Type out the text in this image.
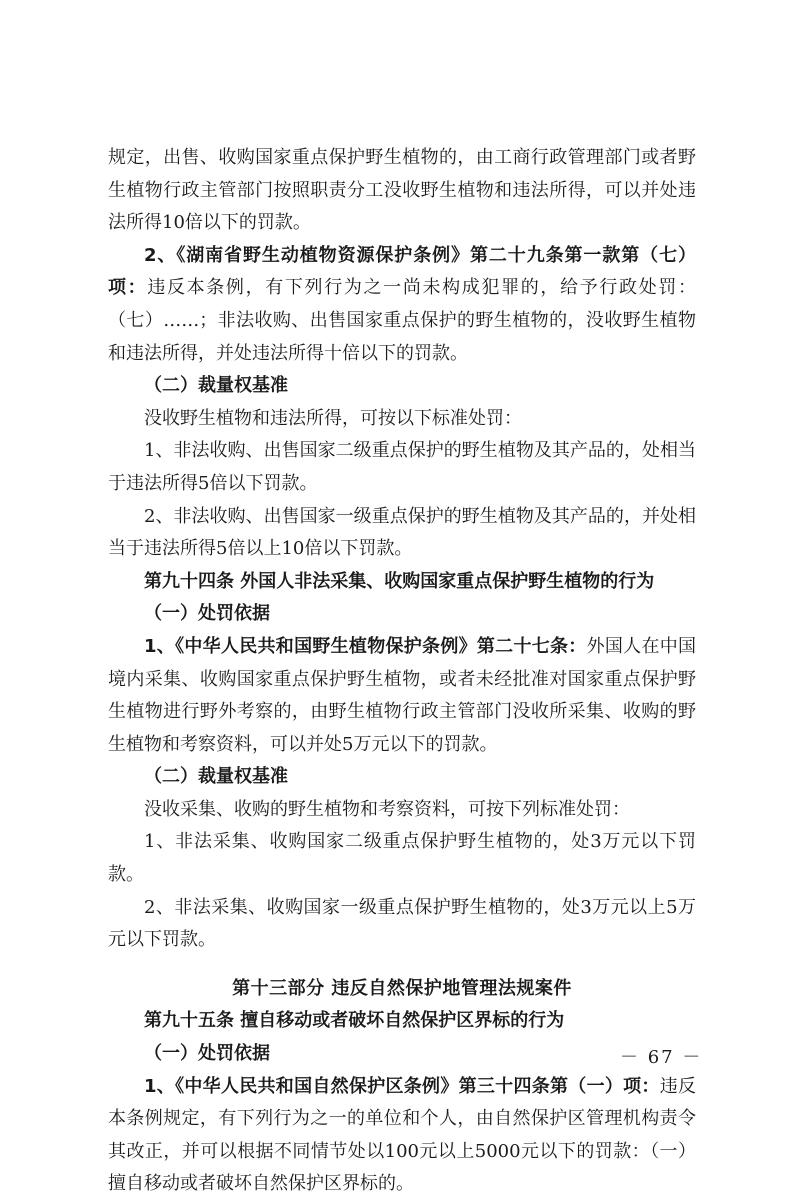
规定，出售、收购国家重点保护野生植物的，由工商行政管理部门或者野生植物行政主管部门按照职责分工没收野生植物和违法所得，可以并处违法所得10倍以下的罚款。

2、《湖南省野生动植物资源保护条例》第二十九条第一款第（七）项：违反本条例，有下列行为之一尚未构成犯罪的，给予行政处罚：（七）……；非法收购、出售国家重点保护的野生植物的，没收野生植物和违法所得，并处违法所得十倍以下的罚款。

（二）裁量权基准

没收野生植物和违法所得，可按以下标准处罚：

1、非法收购、出售国家二级重点保护的野生植物及其产品的，处相当于违法所得5倍以下罚款。

2、非法收购、出售国家一级重点保护的野生植物及其产品的，并处相当于违法所得5倍以上10倍以下罚款。

第九十四条 外国人非法采集、收购国家重点保护野生植物的行为

（一）处罚依据

1、《中华人民共和国野生植物保护条例》第二十七条：外国人在中国境内采集、收购国家重点保护野生植物，或者未经批准对国家重点保护野生植物进行野外考察的，由野生植物行政主管部门没收所采集、收购的野生植物和考察资料，可以并处5万元以下的罚款。

（二）裁量权基准

没收采集、收购的野生植物和考察资料，可按下列标准处罚：

1、非法采集、收购国家二级重点保护野生植物的，处3万元以下罚款。

2、非法采集、收购国家一级重点保护野生植物的，处3万元以上5万元以下罚款。

第十三部分 违反自然保护地管理法规案件

第九十五条 擅自移动或者破坏自然保护区界标的行为

（一）处罚依据

1、《中华人民共和国自然保护区条例》第三十四条第（一）项：违反本条例规定，有下列行为之一的单位和个人，由自然保护区管理机构责令其改正，并可以根据不同情节处以100元以上5000元以下的罚款：（一） 擅自移动或者破坏自然保护区界标的。

－ 67 －
